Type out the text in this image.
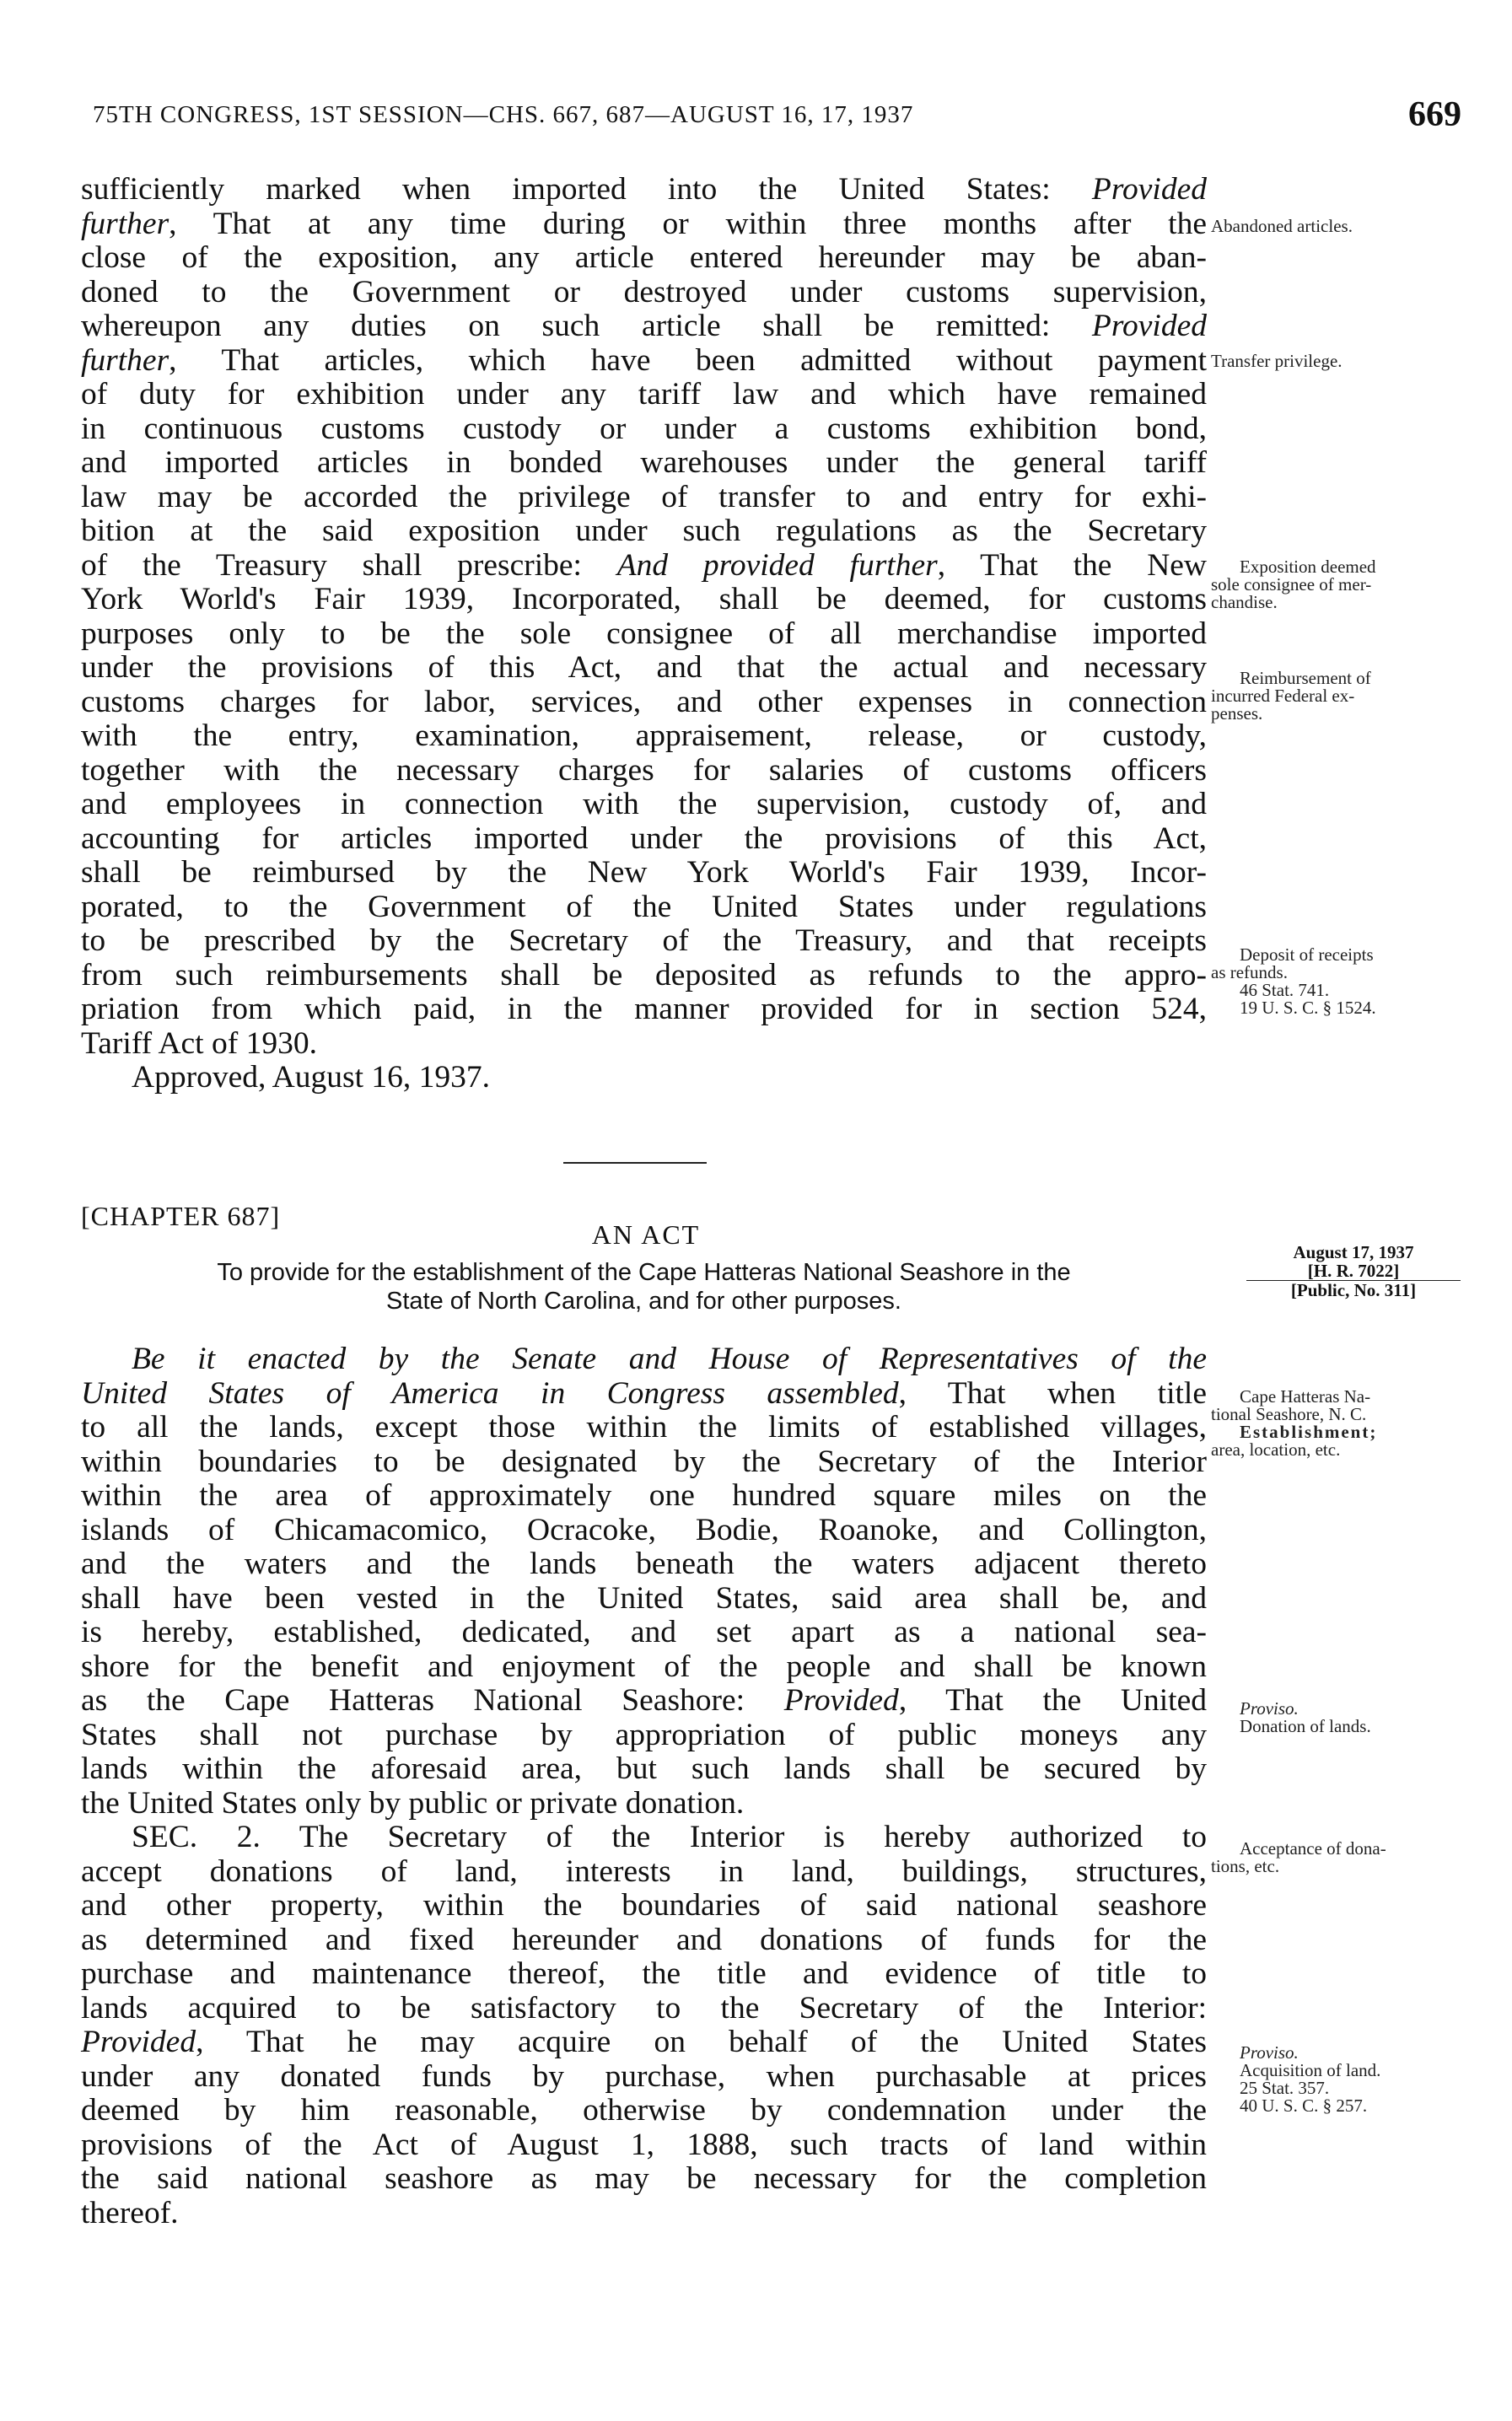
75TH CONGRESS, 1ST SESSION—CHS. 667, 687—AUGUST 16, 17, 1937	669
sufficiently marked when imported into the United States: Provided
further, That at any time during or within three months after the
close of the exposition, any article entered hereunder may be aban-
doned to the Government or destroyed under customs supervision,
whereupon any duties on such article shall be remitted: Provided
further, That articles, which have been admitted without payment
of duty for exhibition under any tariff law and which have remained
in continuous customs custody or under a customs exhibition bond,
and imported articles in bonded warehouses under the general tariff
law may be accorded the privilege of transfer to and entry for exhi-
bition at the said exposition under such regulations as the Secretary
of the Treasury shall prescribe: And provided further, That the New
York World's Fair 1939, Incorporated, shall be deemed, for customs
purposes only to be the sole consignee of all merchandise imported
under the provisions of this Act, and that the actual and necessary
customs charges for labor, services, and other expenses in connection
with the entry, examination, appraisement, release, or custody,
together with the necessary charges for salaries of customs officers
and employees in connection with the supervision, custody of, and
accounting for articles imported under the provisions of this Act,
shall be reimbursed by the New York World's Fair 1939, Incor-
porated, to the Government of the United States under regulations
to be prescribed by the Secretary of the Treasury, and that receipts
from such reimbursements shall be deposited as refunds to the appro-
priation from which paid, in the manner provided for in section 524,
Tariff Act of 1930.
Approved, August 16, 1937.
Abandoned articles.
Transfer privilege.
Exposition deemed
sole consignee of mer-
chandise.
Reimbursement of
incurred Federal ex-
penses.
Deposit of receipts
as refunds.
46 Stat. 741.
19 U. S. C. § 1524.
[CHAPTER 687]
AN ACT
To provide for the establishment of the Cape Hatteras National Seashore in the
State of North Carolina, and for other purposes.
August 17, 1937
[H. R. 7022]
[Public, No. 311]
Be it enacted by the Senate and House of Representatives of the
United States of America in Congress assembled, That when title
to all the lands, except those within the limits of established villages,
within boundaries to be designated by the Secretary of the Interior
within the area of approximately one hundred square miles on the
islands of Chicamacomico, Ocracoke, Bodie, Roanoke, and Collington,
and the waters and the lands beneath the waters adjacent thereto
shall have been vested in the United States, said area shall be, and
is hereby, established, dedicated, and set apart as a national sea-
shore for the benefit and enjoyment of the people and shall be known
as the Cape Hatteras National Seashore: Provided, That the United
States shall not purchase by appropriation of public moneys any
lands within the aforesaid area, but such lands shall be secured by
the United States only by public or private donation.
SEC. 2. The Secretary of the Interior is hereby authorized to
accept donations of land, interests in land, buildings, structures,
and other property, within the boundaries of said national seashore
as determined and fixed hereunder and donations of funds for the
purchase and maintenance thereof, the title and evidence of title to
lands acquired to be satisfactory to the Secretary of the Interior:
Provided, That he may acquire on behalf of the United States
under any donated funds by purchase, when purchasable at prices
deemed by him reasonable, otherwise by condemnation under the
provisions of the Act of August 1, 1888, such tracts of land within
the said national seashore as may be necessary for the completion
thereof.
Cape Hatteras Na-
tional Seashore, N. C.
Establishment;
area, location, etc.
Proviso.
Donation of lands.
Acceptance of dona-
tions, etc.
Proviso.
Acquisition of land.
25 Stat. 357.
40 U. S. C. § 257.
